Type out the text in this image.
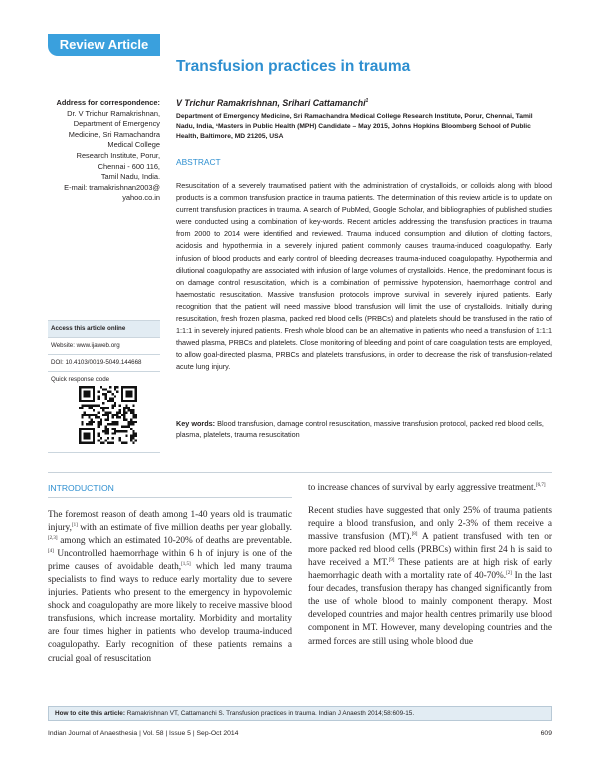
Review Article
Transfusion practices in trauma
Address for correspondence:
Dr. V Trichur Ramakrishnan,
Department of Emergency
Medicine, Sri Ramachandra
Medical College
Research Institute, Porur,
Chennai - 600 116,
Tamil Nadu, India.
E-mail: tramakrishnan2003@
yahoo.co.in
Access this article online
Website: www.ijaweb.org
DOI: 10.4103/0019-5049.144668
Quick response code
V Trichur Ramakrishnan, Srihari Cattamanchi$^1$

Department of Emergency Medicine, Sri Ramachandra Medical College Research Institute, Porur, Chennai, Tamil Nadu, India, ¹Masters in Public Health (MPH) Candidate – May 2015, Johns Hopkins Bloomberg School of Public Health, Baltimore, MD 21205, USA

ABSTRACT

Resuscitation of a severely traumatised patient with the administration of crystalloids, or colloids along with blood products is a common transfusion practice in trauma patients. The determination of this review article is to update on current transfusion practices in trauma. A search of PubMed, Google Scholar, and bibliographies of published studies were conducted using a combination of key-words. Recent articles addressing the transfusion practices in trauma from 2000 to 2014 were identified and reviewed. Trauma induced consumption and dilution of clotting factors, acidosis and hypothermia in a severely injured patient commonly causes trauma-induced coagulopathy. Early infusion of blood products and early control of bleeding decreases trauma-induced coagulopathy. Hypothermia and dilutional coagulopathy are associated with infusion of large volumes of crystalloids. Hence, the predominant focus is on damage control resuscitation, which is a combination of permissive hypotension, haemorrhage control and haemostatic resuscitation. Massive transfusion protocols improve survival in severely injured patients. Early recognition that the patient will need massive blood transfusion will limit the use of crystalloids. Initially during resuscitation, fresh frozen plasma, packed red blood cells (PRBCs) and platelets should be transfused in the ratio of 1:1:1 in severely injured patients. Fresh whole blood can be an alternative in patients who need a transfusion of 1:1:1 thawed plasma, PRBCs and platelets. Close monitoring of bleeding and point of care coagulation tests are employed, to allow goal-directed plasma, PRBCs and platelets transfusions, in order to decrease the risk of transfusion-related acute lung injury.

Key words: Blood transfusion, damage control resuscitation, massive transfusion protocol, packed red blood cells, plasma, platelets, trauma resuscitation

INTRODUCTION

The foremost reason of death among 1-40 years old is traumatic injury,[1] with an estimate of five million deaths per year globally.[2,3] among which an estimated 10-20% of deaths are preventable.[4] Uncontrolled haemorrhage within 6 h of injury is one of the prime causes of avoidable death,[1,5] which led many trauma specialists to find ways to reduce early mortality due to severe injuries. Patients who present to the emergency in hypovolemic shock and coagulopathy are more likely to receive massive blood transfusions, which increase mortality. Morbidity and mortality are four times higher in patients who develop trauma-induced coagulopathy. Early recognition of these patients remains a crucial goal of resuscitation

to increase chances of survival by early aggressive treatment.[6,7]

Recent studies have suggested that only 25% of trauma patients require a blood transfusion, and only 2-3% of them receive a massive transfusion (MT).[8] A patient transfused with ten or more packed red blood cells (PRBCs) within first 24 h is said to have received a MT.[9] These patients are at high risk of early haemorrhagic death with a mortality rate of 40-70%.[2] In the last four decades, transfusion therapy has changed significantly from the use of whole blood to mainly component therapy. Most developed countries and major health centres primarily use blood component in MT. However, many developing countries and the armed forces are still using whole blood due

How to cite this article: Ramakrishnan VT, Cattamanchi S. Transfusion practices in trauma. Indian J Anaesth 2014;58:609-15.
Indian Journal of Anaesthesia | Vol. 58 | Issue 5 | Sep-Oct 2014	609
